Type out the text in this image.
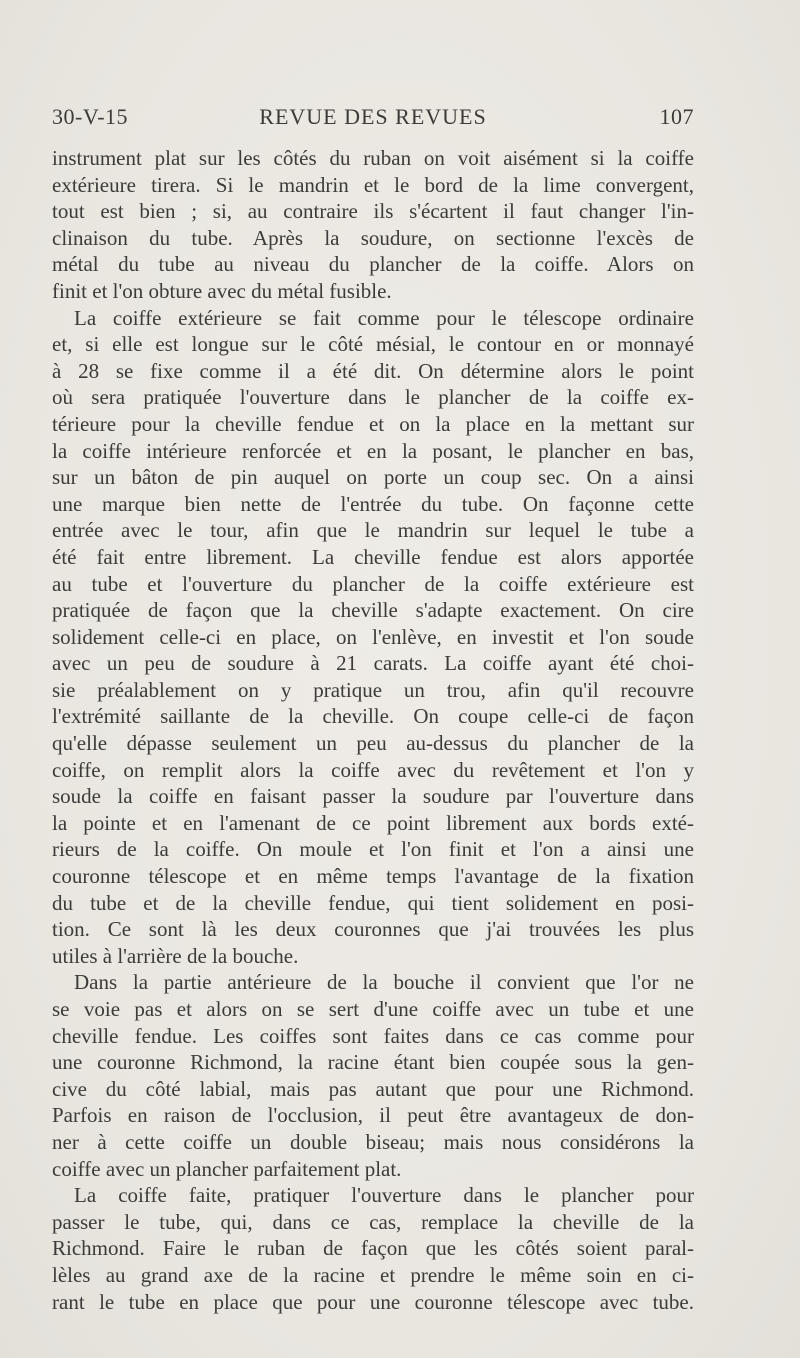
30-V-15	REVUE DES REVUES	107
instrument plat sur les côtés du ruban on voit aisément si la coiffe
extérieure tirera. Si le mandrin et le bord de la lime convergent,
tout est bien ; si, au contraire ils s'écartent il faut changer l'in-
clinaison du tube. Après la soudure, on sectionne l'excès de
métal du tube au niveau du plancher de la coiffe. Alors on
finit et l'on obture avec du métal fusible.
La coiffe extérieure se fait comme pour le télescope ordinaire
et, si elle est longue sur le côté mésial, le contour en or monnayé
à 28 se fixe comme il a été dit. On détermine alors le point
où sera pratiquée l'ouverture dans le plancher de la coiffe ex-
térieure pour la cheville fendue et on la place en la mettant sur
la coiffe intérieure renforcée et en la posant, le plancher en bas,
sur un bâton de pin auquel on porte un coup sec. On a ainsi
une marque bien nette de l'entrée du tube. On façonne cette
entrée avec le tour, afin que le mandrin sur lequel le tube a
été fait entre librement. La cheville fendue est alors apportée
au tube et l'ouverture du plancher de la coiffe extérieure est
pratiquée de façon que la cheville s'adapte exactement. On cire
solidement celle-ci en place, on l'enlève, en investit et l'on soude
avec un peu de soudure à 21 carats. La coiffe ayant été choi-
sie préalablement on y pratique un trou, afin qu'il recouvre
l'extrémité saillante de la cheville. On coupe celle-ci de façon
qu'elle dépasse seulement un peu au-dessus du plancher de la
coiffe, on remplit alors la coiffe avec du revêtement et l'on y
soude la coiffe en faisant passer la soudure par l'ouverture dans
la pointe et en l'amenant de ce point librement aux bords exté-
rieurs de la coiffe. On moule et l'on finit et l'on a ainsi une
couronne télescope et en même temps l'avantage de la fixation
du tube et de la cheville fendue, qui tient solidement en posi-
tion. Ce sont là les deux couronnes que j'ai trouvées les plus
utiles à l'arrière de la bouche.
Dans la partie antérieure de la bouche il convient que l'or ne
se voie pas et alors on se sert d'une coiffe avec un tube et une
cheville fendue. Les coiffes sont faites dans ce cas comme pour
une couronne Richmond, la racine étant bien coupée sous la gen-
cive du côté labial, mais pas autant que pour une Richmond.
Parfois en raison de l'occlusion, il peut être avantageux de don-
ner à cette coiffe un double biseau; mais nous considérons la
coiffe avec un plancher parfaitement plat.
La coiffe faite, pratiquer l'ouverture dans le plancher pour
passer le tube, qui, dans ce cas, remplace la cheville de la
Richmond. Faire le ruban de façon que les côtés soient paral-
lèles au grand axe de la racine et prendre le même soin en ci-
rant le tube en place que pour une couronne télescope avec tube.
